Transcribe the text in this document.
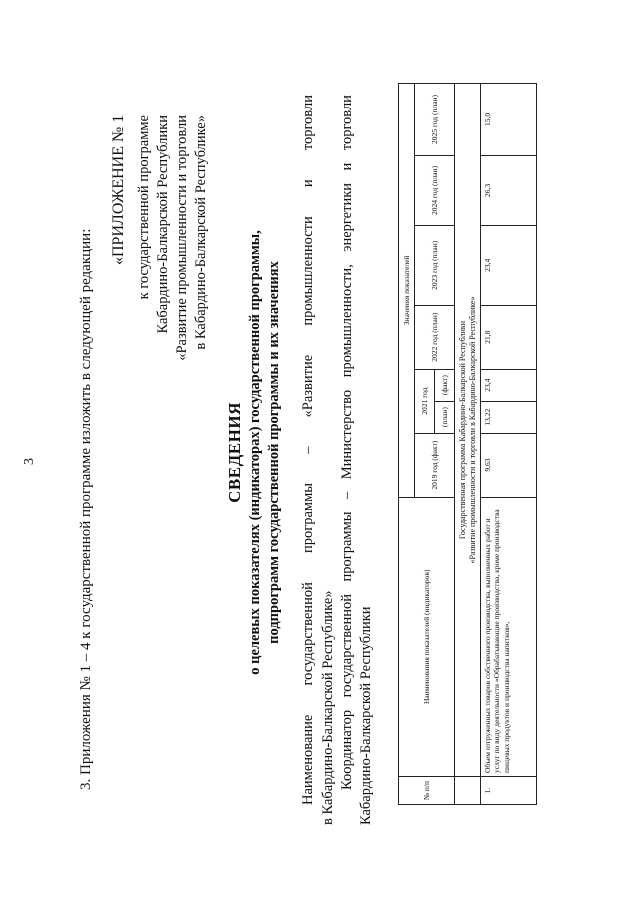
3	3. Приложения № 1 – 4 к государственной программе изложить в следующей редакции:
«ПРИЛОЖЕНИЕ № 1 к государственной программе Кабардино-Балкарской Республики «Развитие промышленности и торговли в Кабардино-Балкарской Республике»
СВЕДЕНИЯ о целевых показателях (индикаторах) государственной программы, подпрограмм государственной программы и их значениях
Наименование
государственной
программы
–
«Развитие
промышленности
и
торговли
в Кабардино-Балкарской Республике» Координатор
государственной
программы
–
Министерство
промышленности,
энергетики
и
торговли
Кабардино-Балкарской Республики	№ п/п	Наименования показателей (индикаторов)	Значения показателей						
		2019 год (факт)	2021 год		2022 год (план)	2023 год (план)	2024 год (план)	2025 год (план)
			(план)	(факт)				

	Государственная программа Кабардино-Балкарской Республики «Развитие промышленности и торговли в Кабардино-Балкарской Республике»							

1.	Объем отгруженных товаров собственного производства, выполненных работ и услуг по виду деятельности «Обрабатывающие производства, кроме производства пищевых продуктов и производства напитков»,	9,63	13,22	23,4	21,8	23,4	26,3	15,0
